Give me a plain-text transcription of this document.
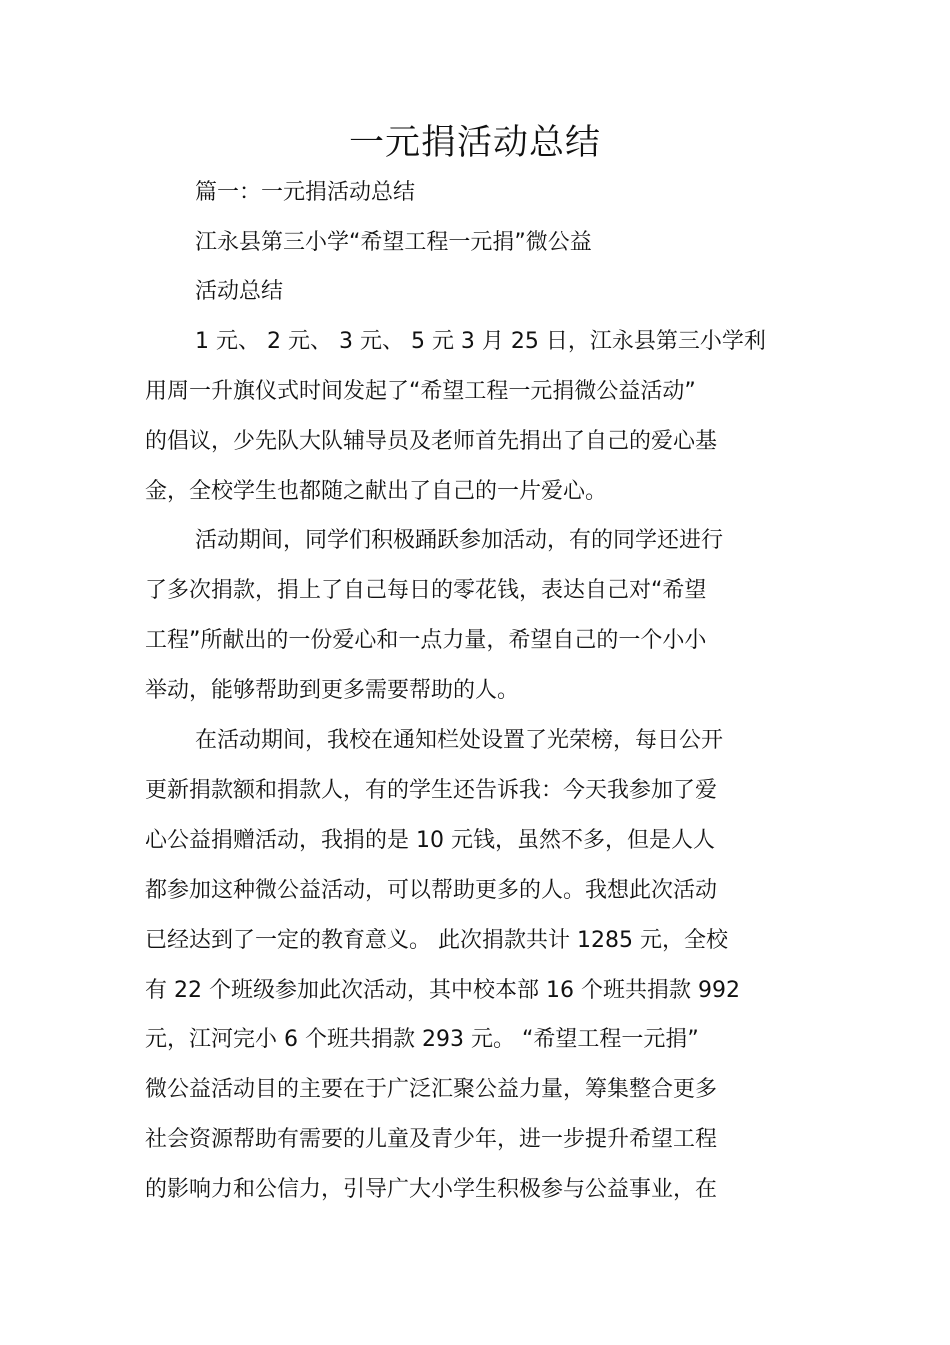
一元捐活动总结
篇一：一元捐活动总结
江永县第三小学“希望工程一元捐”微公益
活动总结
1 元、 2 元、 3 元、 5 元 3 月 25 日，江永县第三小学利
用周一升旗仪式时间发起了“希望工程一元捐微公益活动”
的倡议，少先队大队辅导员及老师首先捐出了自己的爱心基
金，全校学生也都随之献出了自己的一片爱心。
活动期间，同学们积极踊跃参加活动，有的同学还进行
了多次捐款，捐上了自己每日的零花钱，表达自己对“希望
工程”所献出的一份爱心和一点力量，希望自己的一个小小
举动，能够帮助到更多需要帮助的人。
在活动期间，我校在通知栏处设置了光荣榜，每日公开
更新捐款额和捐款人，有的学生还告诉我：今天我参加了爱
心公益捐赠活动，我捐的是 10 元钱，虽然不多，但是人人
都参加这种微公益活动，可以帮助更多的人。我想此次活动
已经达到了一定的教育意义。 此次捐款共计 1285 元，全校
有 22 个班级参加此次活动，其中校本部 16 个班共捐款 992
元，江河完小 6 个班共捐款 293 元。 “希望工程一元捐”
微公益活动目的主要在于广泛汇聚公益力量，筹集整合更多
社会资源帮助有需要的儿童及青少年，进一步提升希望工程
的影响力和公信力，引导广大小学生积极参与公益事业，在
